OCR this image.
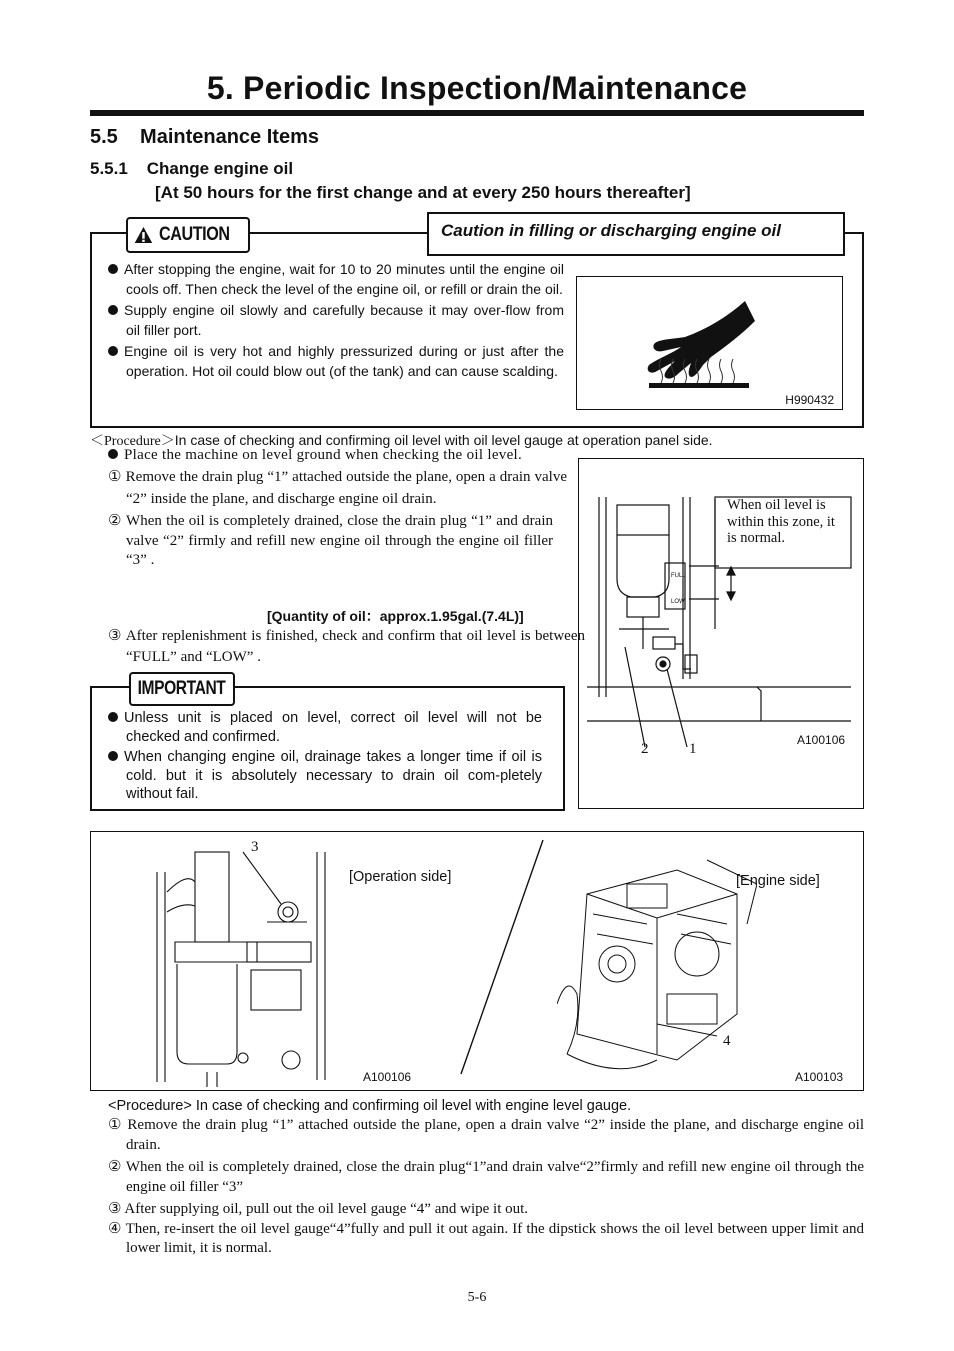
5. Periodic Inspection/Maintenance
5.5    Maintenance Items
5.5.1    Change engine oil
[At 50 hours for the first change and at every 250 hours thereafter]
CAUTION	Caution in filling or discharging engine oil
After stopping the engine, wait for 10 to 20 minutes until the engine oil cools off. Then check the level of the engine oil, or refill or drain the oil.
Supply engine oil slowly and carefully because it may over-flow from oil filler port.
Engine oil is very hot and highly pressurized during or just after the operation. Hot oil could blow out (of the tank) and can cause scalding.
H990432
＜Procedure＞In case of checking and confirming oil level with oil level gauge at operation panel side.
Place the machine on level ground when checking the oil level.
① Remove the drain plug “1” attached outside the plane, open a drain valve “2” inside the plane, and discharge engine oil drain.
② When the oil is completely drained, close the drain plug “1” and drain valve “2” firmly and refill new engine oil through the engine oil filler “3” .
[Quantity of oil：approx.1.95gal.(7.4L)]
③ After replenishment is finished, check and confirm that oil level is between “FULL” and “LOW” .
IMPORTANT
Unless unit is placed on level, correct oil level will not be checked and confirmed.
When changing engine oil, drainage takes a longer time if oil is cold. but it is absolutely necessary to drain oil com-pletely without fail.
FULL
LOW
When oil level is within this zone, it is normal.
2	1
A100106
3
[Operation side]	[Engine side]
4
A100106	A100103
<Procedure> In case of checking and confirming oil level with engine level gauge.
① Remove the drain plug “1” attached outside the plane, open a drain valve “2” inside the plane, and discharge engine oil drain.
② When the oil is completely drained, close the drain plug“1”and drain valve“2”firmly and refill new engine oil through the engine oil filler “3”
③ After supplying oil, pull out the oil level gauge “4” and wipe it out.
④ Then, re-insert the oil level gauge“4”fully and pull it out again. If the dipstick shows the oil level between upper limit and lower limit, it is normal.
5-6
